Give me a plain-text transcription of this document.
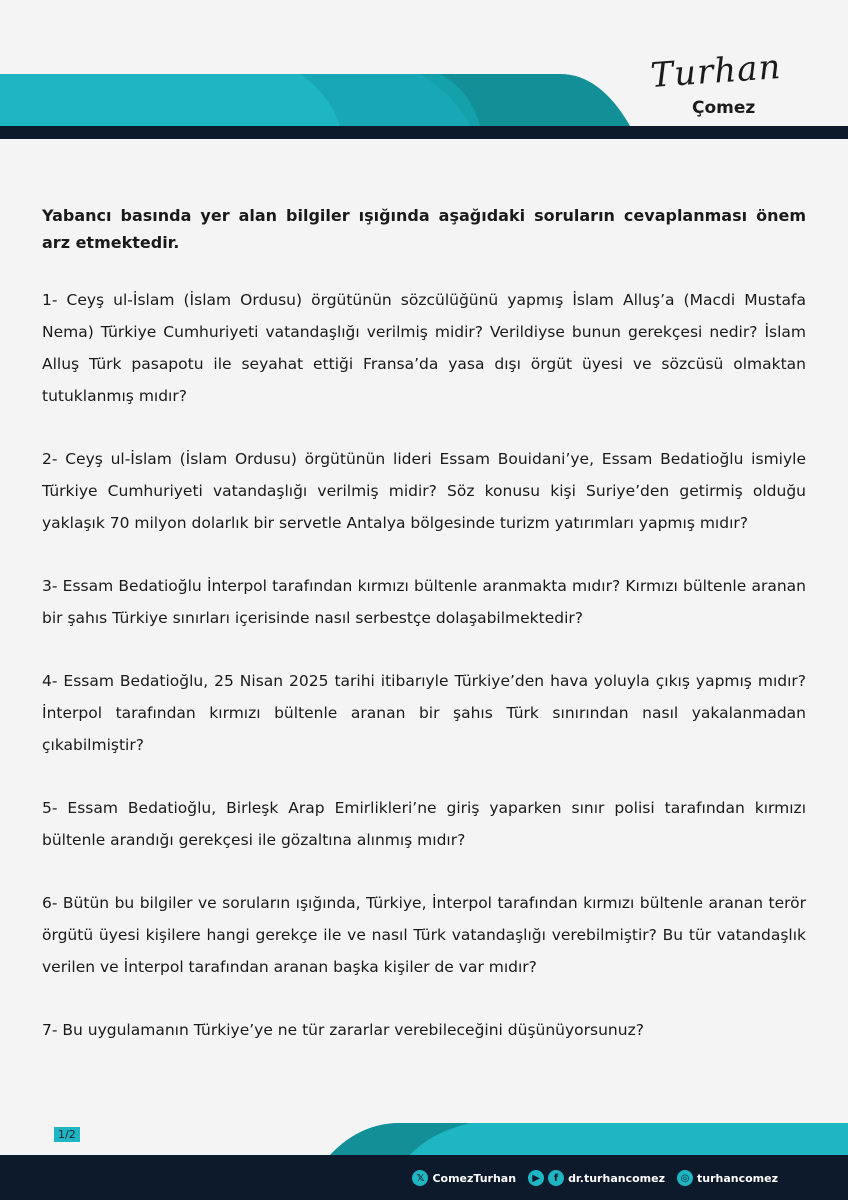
Turhan
Çomez

Yabancı basında yer alan bilgiler ışığında aşağıdaki soruların cevaplanması önem arz etmektedir.

1- Ceyş ul-İslam (İslam Ordusu) örgütünün sözcülüğünü yapmış İslam Alluş’a (Macdi Mustafa Nema) Türkiye Cumhuriyeti vatandaşlığı verilmiş midir? Verildiyse bunun gerekçesi nedir? İslam Alluş Türk pasapotu ile seyahat ettiği Fransa’da yasa dışı örgüt üyesi ve sözcüsü olmaktan tutuklanmış mıdır?

2- Ceyş ul-İslam (İslam Ordusu) örgütünün lideri Essam Bouidani’ye, Essam Bedatioğlu ismiyle Türkiye Cumhuriyeti vatandaşlığı verilmiş midir? Söz konusu kişi Suriye’den getirmiş olduğu yaklaşık 70 milyon dolarlık bir servetle Antalya bölgesinde turizm yatırımları yapmış mıdır?

3- Essam Bedatioğlu İnterpol tarafından kırmızı bültenle aranmakta mıdır? Kırmızı bültenle aranan bir şahıs Türkiye sınırları içerisinde nasıl serbestçe dolaşabilmektedir?

4- Essam Bedatioğlu, 25 Nisan 2025 tarihi itibarıyle Türkiye’den hava yoluyla çıkış yapmış mıdır? İnterpol tarafından kırmızı bültenle aranan bir şahıs Türk sınırından nasıl yakalanmadan çıkabilmiştir?

5- Essam Bedatioğlu, Birleşk Arap Emirlikleri’ne giriş yaparken sınır polisi tarafından kırmızı bültenle arandığı gerekçesi ile gözaltına alınmış mıdır?

6- Bütün bu bilgiler ve soruların ışığında, Türkiye, İnterpol tarafından kırmızı bültenle aranan terör örgütü üyesi kişilere hangi gerekçe ile ve nasıl Türk vatandaşlığı verebilmiştir? Bu tür vatandaşlık verilen ve İnterpol tarafından aranan başka kişiler de var mıdır?

7- Bu uygulamanın Türkiye’ye ne tür zararlar verebileceğini düşünüyorsunuz?

1/2
𝕏 ComezTurhan	▶	f dr.turhancomez	◎ turhancomez
